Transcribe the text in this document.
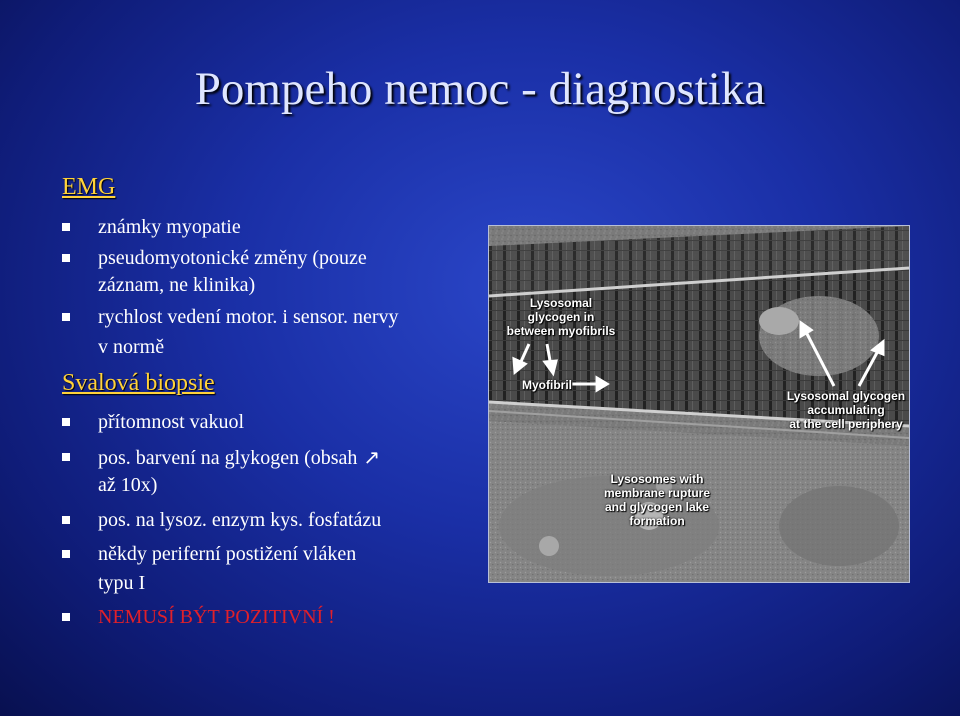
Pompeho nemoc - diagnostika
EMG
známky myopatie
pseudomyotonické změny (pouze
záznam, ne klinika)
rychlost vedení motor. i sensor. nervy
v normě
Svalová biopsie
přítomnost vakuol
pos. barvení na glykogen (obsah ↗
až 10x)
pos. na lysoz. enzym kys. fosfatázu
někdy periferní postižení vláken
typu I
NEMUSÍ BÝT POZITIVNÍ !
Lysosomal
glycogen in
between myofibrils
Myofibril
Lysosomal glycogen
accumulating
at the cell periphery
Lysosomes with
membrane rupture
and glycogen lake
formation
